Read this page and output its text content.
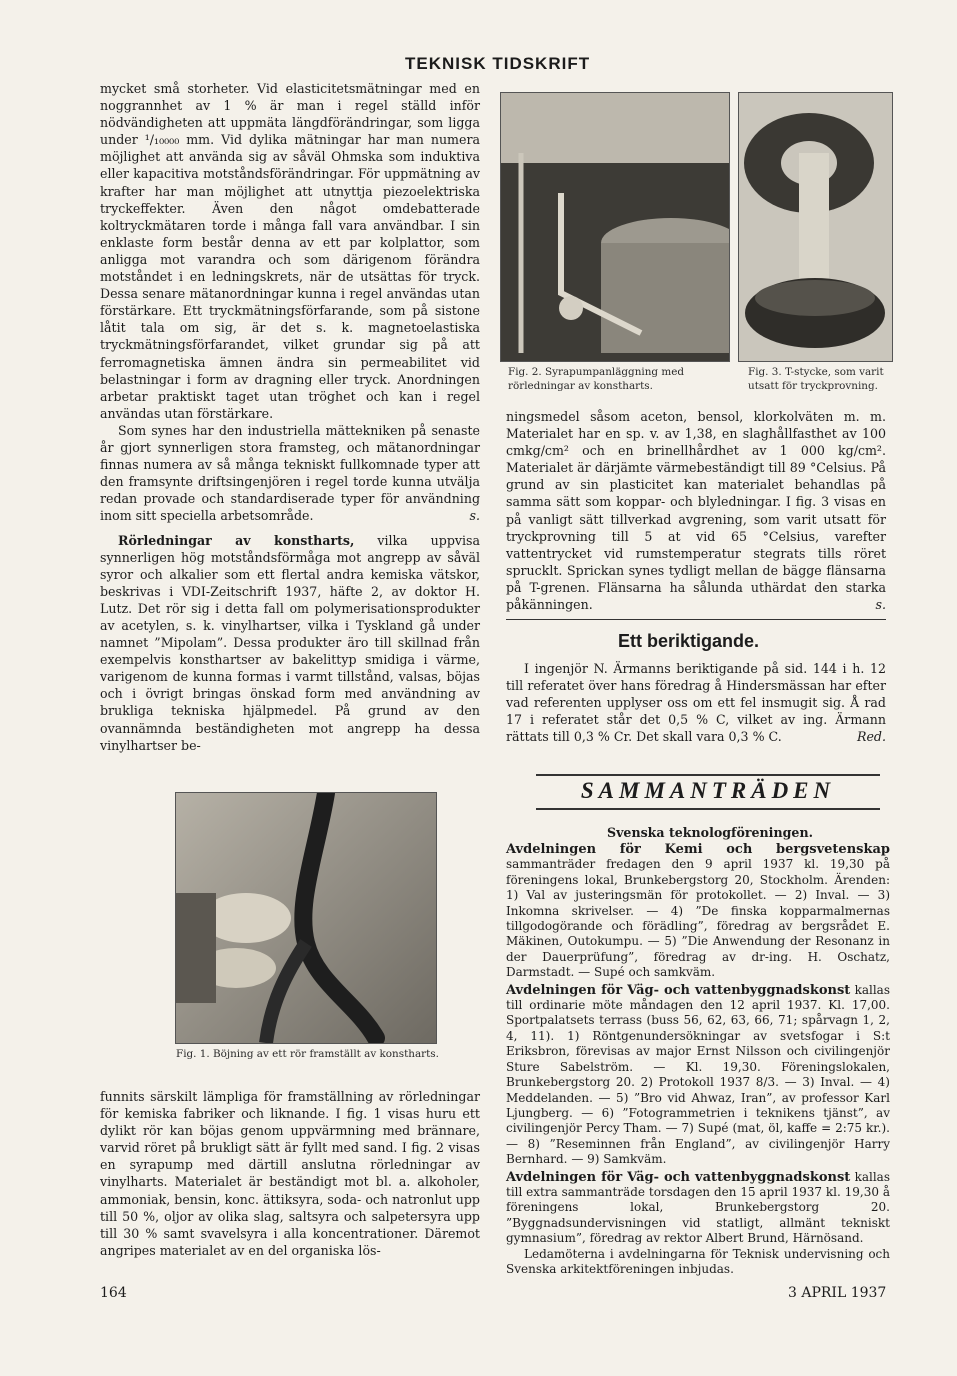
TEKNISK TIDSKRIFT

mycket små storheter. Vid elasticitetsmätningar med en noggrannhet av 1 % är man i regel ställd inför nödvändigheten att uppmäta längdförändringar, som ligga under ¹/₁₀₀₀₀ mm. Vid dylika mätningar har man numera möjlighet att använda sig av såväl Ohmska som induktiva eller kapacitiva motståndsförändringar. För uppmätning av krafter har man möjlighet att utnyttja piezoelektriska tryckeffekter. Även den något omdebatterade koltryckmätaren torde i många fall vara användbar. I sin enklaste form består denna av ett par kolplattor, som anligga mot varandra och som därigenom förändra motståndet i en ledningskrets, när de utsättas för tryck. Dessa senare mätanordningar kunna i regel användas utan förstärkare. Ett tryckmätningsförfarande, som på sistone låtit tala om sig, är det s. k. magnetoelastiska tryckmätningsförfarandet, vilket grundar sig på att ferromagnetiska ämnen ändra sin permeabilitet vid belastningar i form av dragning eller tryck. Anordningen arbetar praktiskt taget utan tröghet och kan i regel användas utan förstärkare.

Som synes har den industriella mättekniken på senaste år gjort synnerligen stora framsteg, och mätanordningar finnas numera av så många tekniskt fullkomnade typer att den framsynte driftsingenjören i regel torde kunna utvälja redan provade och standardiserade typer för användning inom sitt speciella arbetsområde.	s.

Rörledningar av konstharts, vilka uppvisa synnerligen hög motståndsförmåga mot angrepp av såväl syror och alkalier som ett flertal andra kemiska vätskor, beskrivas i VDI-Zeitschrift 1937, häfte 2, av doktor H. Lutz. Det rör sig i detta fall om polymerisationsprodukter av acetylen, s. k. vinylhartser, vilka i Tyskland gå under namnet ”Mipolam”. Dessa produkter äro till skillnad från exempelvis konsthartser av bakelittyp smidiga i värme, varigenom de kunna formas i varmt tillstånd, valsas, böjas och i övrigt bringas önskad form med användning av brukliga tekniska hjälpmedel. På grund av den ovannämnda beständigheten mot angrepp ha dessa vinylhartser be-

Fig. 1. Böjning av ett rör framställt av konstharts.

funnits särskilt lämpliga för framställning av rörledningar för kemiska fabriker och liknande. I fig. 1 visas huru ett dylikt rör kan böjas genom uppvärmning med brännare, varvid röret på brukligt sätt är fyllt med sand. I fig. 2 visas en syrapump med därtill anslutna rörledningar av vinylharts. Materialet är beständigt mot bl. a. alkoholer, ammoniak, bensin, konc. ättiksyra, soda- och natronlut upp till 50 %, oljor av olika slag, saltsyra och salpetersyra upp till 30 % samt svavelsyra i alla koncentrationer. Däremot angripes materialet av en del organiska lös-

Fig. 2. Syrapumpanläggning med rörledningar av konstharts.
Fig. 3. T-stycke, som varit utsatt för tryckprovning.

ningsmedel såsom aceton, bensol, klorkolväten m. m. Materialet har en sp. v. av 1,38, en slaghållfasthet av 100 cmkg/cm² och en brinellhårdhet av 1 000 kg/cm². Materialet är därjämte värmebeständigt till 89 °Celsius. På grund av sin plasticitet kan materialet behandlas på samma sätt som koppar- och blyledningar. I fig. 3 visas en på vanligt sätt tillverkad avgrening, som varit utsatt för tryckprovning till 5 at vid 65 °Celsius, varefter vattentrycket vid rumstemperatur stegrats tills röret sprucklt. Sprickan synes tydligt mellan de bägge flänsarna på T-grenen. Flänsarna ha sålunda uthärdat den starka påkänningen.	s.

Ett beriktigande.

I ingenjör N. Ärmanns beriktigande på sid. 144 i h. 12 till referatet över hans föredrag å Hindersmässan har efter vad referenten upplyser oss om ett fel insmugit sig. Å rad 17 i referatet står det 0,5 % C, vilket av ing. Ärmann rättats till 0,3 % Cr. Det skall vara 0,3 % C.	Red.

SAMMANTRÄDEN
Svenska teknologföreningen.

Avdelningen för Kemi och bergsvetenskap sammanträder fredagen den 9 april 1937 kl. 19,30 på föreningens lokal, Brunkebergstorg 20, Stockholm. Ärenden: 1) Val av justeringsmän för protokollet. — 2) Inval. — 3) Inkomna skrivelser. — 4) ”De finska kopparmalmernas tillgodogörande och förädling”, föredrag av bergsrådet E. Mäkinen, Outokumpu. — 5) ”Die Anwendung der Resonanz in der Dauerprüfung”, föredrag av dr-ing. H. Oschatz, Darmstadt. — Supé och samkväm.

Avdelningen för Väg- och vattenbyggnadskonst kallas till ordinarie möte måndagen den 12 april 1937. Kl. 17,00. Sportpalatsets terrass (buss 56, 62, 63, 66, 71; spårvagn 1, 2, 4, 11). 1) Röntgenundersökningar av svetsfogar i S:t Eriksbron, förevisas av major Ernst Nilsson och civilingenjör Sture Sabelström. — Kl. 19,30. Föreningslokalen, Brunkebergstorg 20. 2) Protokoll 1937 8/3. — 3) Inval. — 4) Meddelanden. — 5) ”Bro vid Ahwaz, Iran”, av professor Karl Ljungberg. — 6) ”Fotogrammetrien i teknikens tjänst”, av civilingenjör Percy Tham. — 7) Supé (mat, öl, kaffe = 2:75 kr.). — 8) ”Reseminnen från England”, av civilingenjör Harry Bernhard. — 9) Samkväm.

Avdelningen för Väg- och vattenbyggnadskonst kallas till extra sammanträde torsdagen den 15 april 1937 kl. 19,30 å föreningens lokal, Brunkebergstorg 20. ”Byggnadsundervisningen vid statligt, allmänt tekniskt gymnasium”, föredrag av rektor Albert Brund, Härnösand.

Ledamöterna i avdelningarna för Teknisk undervisning och Svenska arkitektföreningen inbjudas.

164	3 APRIL 1937
